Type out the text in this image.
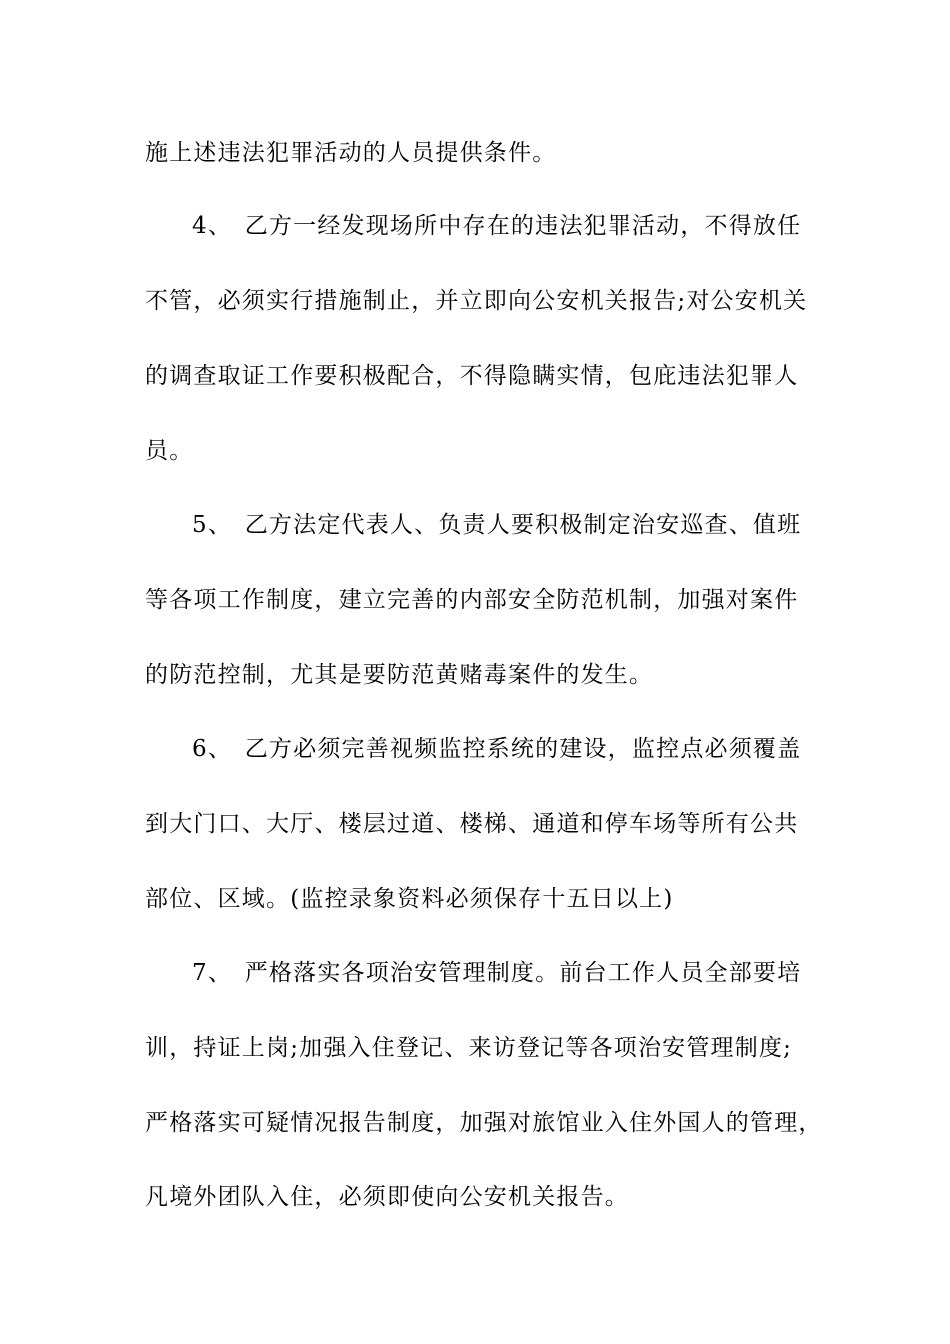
施上述违法犯罪活动的人员提供条件。
4、　乙方一经发现场所中存在的违法犯罪活动，不得放任
不管，必须实行措施制止，并立即向公安机关报告;对公安机关
的调查取证工作要积极配合，不得隐瞒实情，包庇违法犯罪人
员。
5、　乙方法定代表人、负责人要积极制定治安巡查、值班
等各项工作制度，建立完善的内部安全防范机制，加强对案件
的防范控制，尤其是要防范黄赌毒案件的发生。
6、　乙方必须完善视频监控系统的建设，监控点必须覆盖
到大门口、大厅、楼层过道、楼梯、通道和停车场等所有公共
部位、区域。(监控录象资料必须保存十五日以上)
7、　严格落实各项治安管理制度。前台工作人员全部要培
训，持证上岗;加强入住登记、来访登记等各项治安管理制度;
严格落实可疑情况报告制度，加强对旅馆业入住外国人的管理，
凡境外团队入住，必须即使向公安机关报告。
